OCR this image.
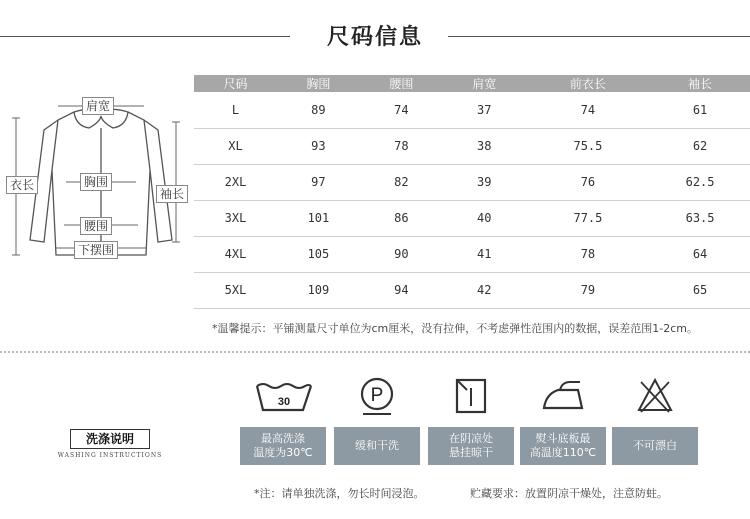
尺码信息
肩宽
胸围
腰围
下摆围
衣长
袖长
尺码	胸围	腰围	肩宽	前衣长	袖长
L	89	74	37	74	61
XL	93	78	38	75.5	62
2XL	97	82	39	76	62.5
3XL	101	86	40	77.5	63.5
4XL	105	90	41	78	64
5XL	109	94	42	79	65
*温馨提示：平铺测量尺寸单位为cm厘米，没有拉伸，不考虑弹性范围内的数据，误差范围1-2cm。
洗涤说明
WASHING INSTRUCTIONS
30
最高洗涤
温度为30℃
P
缓和干洗
在阴凉处
悬挂晾干
熨斗底板最
高温度110℃
不可漂白
*注：请单独洗涤，勿长时间浸泡。	贮藏要求：放置阴凉干燥处，注意防蛀。
